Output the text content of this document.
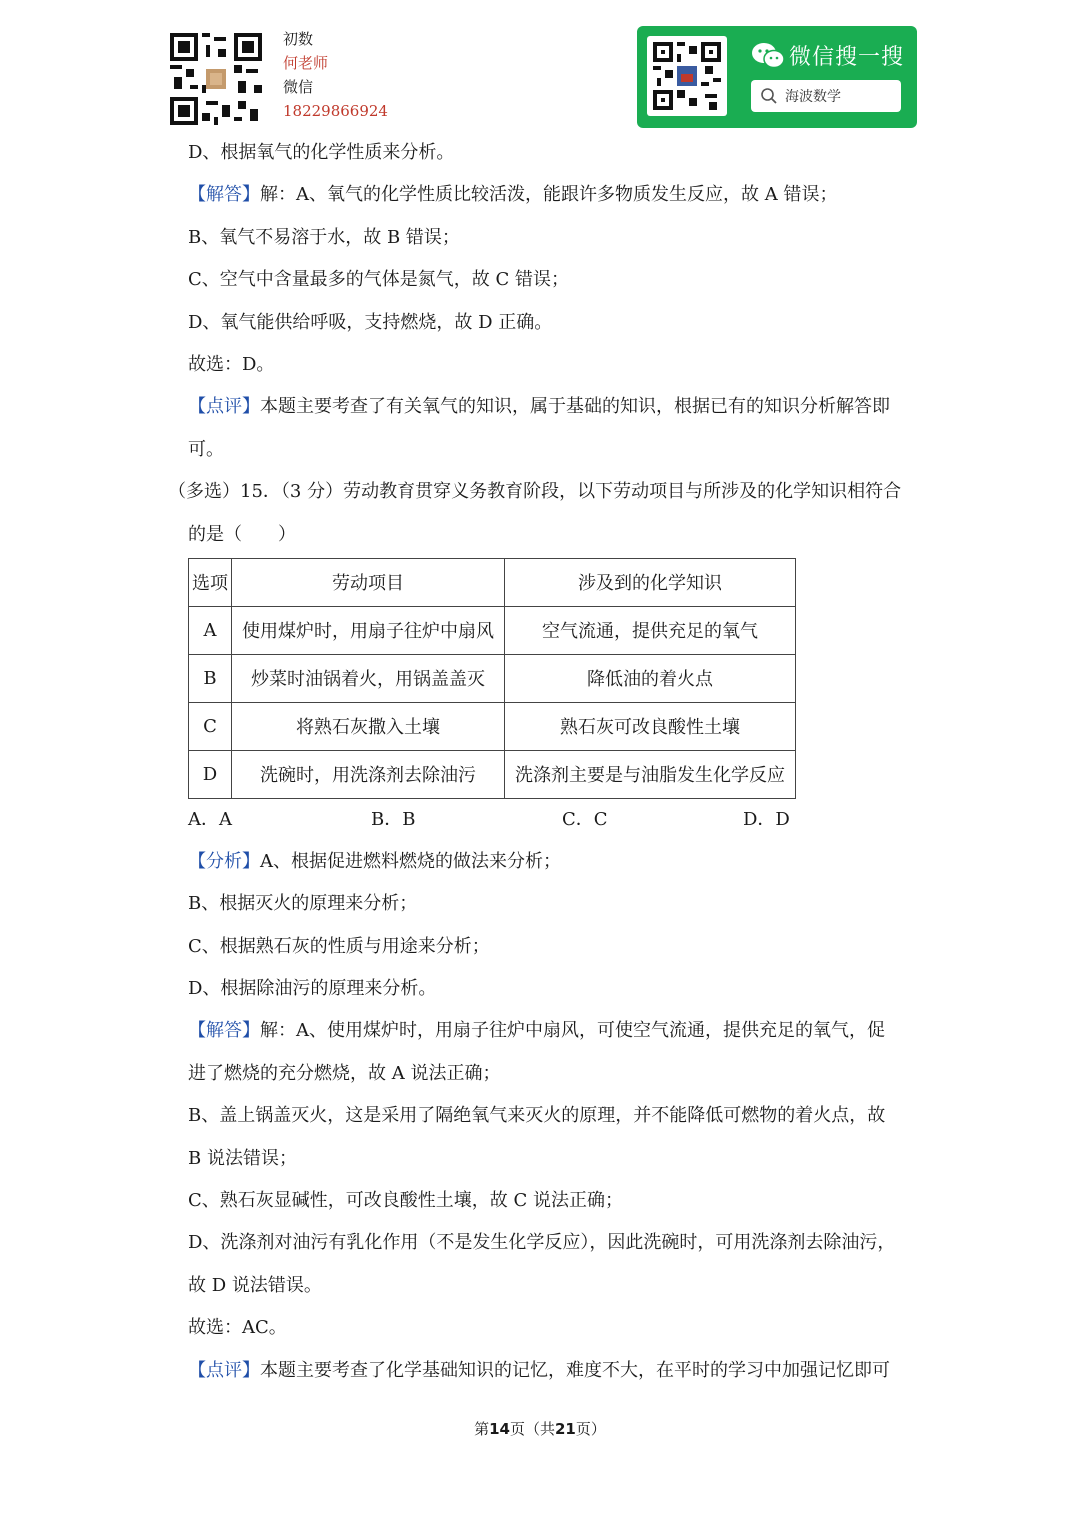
初数
何老师
微信
18229866924
微信搜一搜
海波数学
D、根据氧气的化学性质来分析。
【解答】解：A、氧气的化学性质比较活泼，能跟许多物质发生反应，故 A 错误；
B、氧气不易溶于水，故 B 错误；
C、空气中含量最多的气体是氮气，故 C 错误；
D、氧气能供给呼吸，支持燃烧，故 D 正确。
故选：D。
【点评】本题主要考查了有关氧气的知识，属于基础的知识，根据已有的知识分析解答即
可。
（多选）15．（3 分）劳动教育贯穿义务教育阶段，以下劳动项目与所涉及的化学知识相符合
的是（　　）
选项	劳动项目	涉及到的化学知识
A	使用煤炉时，用扇子往炉中扇风	空气流通，提供充足的氧气
B	炒菜时油锅着火，用锅盖盖灭	降低油的着火点
C	将熟石灰撒入土壤	熟石灰可改良酸性土壤
D	洗碗时，用洗涤剂去除油污	洗涤剂主要是与油脂发生化学反应
A．A	B．B	C．C	D．D
【分析】A、根据促进燃料燃烧的做法来分析；
B、根据灭火的原理来分析；
C、根据熟石灰的性质与用途来分析；
D、根据除油污的原理来分析。
【解答】解：A、使用煤炉时，用扇子往炉中扇风，可使空气流通，提供充足的氧气，促
进了燃烧的充分燃烧，故 A 说法正确；
B、盖上锅盖灭火，这是采用了隔绝氧气来灭火的原理，并不能降低可燃物的着火点，故
B 说法错误；
C、熟石灰显碱性，可改良酸性土壤，故 C 说法正确；
D、洗涤剂对油污有乳化作用（不是发生化学反应），因此洗碗时，可用洗涤剂去除油污，
故 D 说法错误。
故选：AC。
【点评】本题主要考查了化学基础知识的记忆，难度不大，在平时的学习中加强记忆即可
第14页（共21页）
